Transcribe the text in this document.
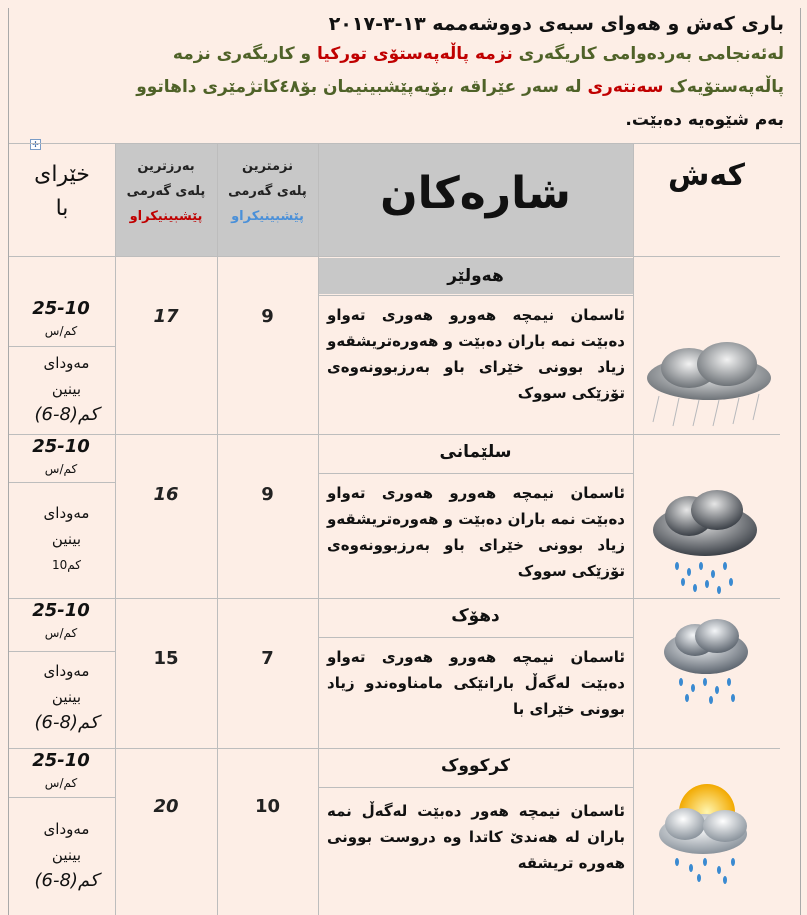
باری کەش و هەوای سبەی دووشەممە ١٣-٣-٢٠١٧
لەئەنجامی بەردەوامی کاریگەری نزمە پاڵەپەستۆی تورکیا و کاریگەری نزمە
پاڵەپەستۆیەک سەنتەری لە سەر عێراقە ،بۆیەپێشبینیمان بۆ٤٨کاتژمێری داهاتوو
بەم شێوەیە دەبێت.
✢
خێرای
با
بەرزترین
پلەی گەرمی
پێشبینیکراو
نزمترین
پلەی گەرمی
پێشبینیکراو	شارەکان	کەش
هەولێر
ئاسمان نیمچە هەورو هەوری تەواو دەبێت نمە باران دەبێت و هەورەتریشقەو زیاد بوونی خێرای باو بەرزبوونەوەی تۆزێکی سووک
9
17
25-10
کم/س
مەودای
بینین
(6-8)کم
سلێمانی
ئاسمان نیمچە هەورو هەوری تەواو دەبێت نمە باران دەبێت و هەورەتریشقەو زیاد بوونی خێرای باو بەرزبوونەوەی تۆزێکی سووک
9
16
25-10
کم/س
مەودای
بینین
10کم
دهۆک
ئاسمان نیمچە هەورو هەوری تەواو دەبێت لەگەڵ بارانێکی مامناوەندو زیاد بوونی خێرای با
7
15
25-10
کم/س
مەودای
بینین
(6-8)کم
کرکووک
ئاسمان نیمچە هەور دەبێت لەگەڵ نمە باران لە هەندێ کاتدا وە دروست بوونی هەورە تریشقە
10
20
25-10
کم/س
مەودای
بینین
(6-8)کم
